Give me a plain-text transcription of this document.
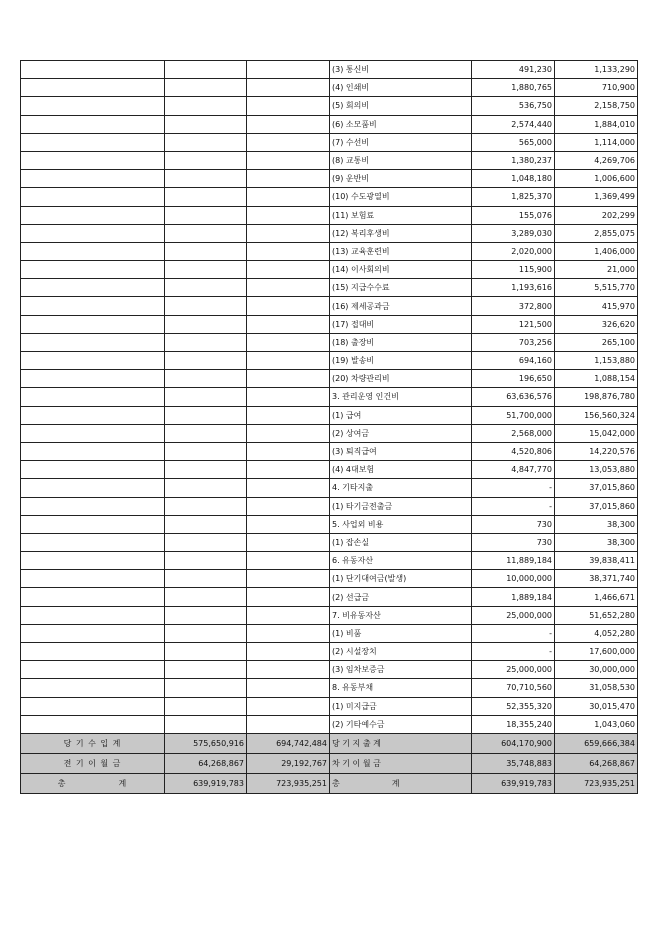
			(3) 통신비	491,230	1,133,290
			(4) 인쇄비	1,880,765	710,900
			(5) 회의비	536,750	2,158,750
			(6) 소모품비	2,574,440	1,884,010
			(7) 수선비	565,000	1,114,000
			(8) 교통비	1,380,237	4,269,706
			(9) 운반비	1,048,180	1,006,600
			(10) 수도광열비	1,825,370	1,369,499
			(11) 보험료	155,076	202,299
			(12) 복리후생비	3,289,030	2,855,075
			(13) 교육훈련비	2,020,000	1,406,000
			(14) 이사회의비	115,900	21,000
			(15) 지급수수료	1,193,616	5,515,770
			(16) 제세공과금	372,800	415,970
			(17) 접대비	121,500	326,620
			(18) 출장비	703,256	265,100
			(19) 발송비	694,160	1,153,880
			(20) 차량관리비	196,650	1,088,154
			3. 관리운영 인건비	63,636,576	198,876,780
			(1) 급여	51,700,000	156,560,324
			(2) 상여금	2,568,000	15,042,000
			(3) 퇴직급여	4,520,806	14,220,576
			(4) 4대보험	4,847,770	13,053,880
			4. 기타지출	-	37,015,860
			(1) 타기금전출금	-	37,015,860
			5. 사업외 비용	730	38,300
			(1) 잡손실	730	38,300
			6. 유동자산	11,889,184	39,838,411
			(1) 단기대여금(발생)	10,000,000	38,371,740
			(2) 선급금	1,889,184	1,466,671
			7. 비유동자산	25,000,000	51,652,280
			(1) 비품	-	4,052,280
			(2) 시설장치	-	17,600,000
			(3) 임차보증금	25,000,000	30,000,000
			8. 유동부채	70,710,560	31,058,530
			(1) 미지급금	52,355,320	30,015,470
			(2) 기타예수금	18,355,240	1,043,060
당 기 수 입 계	575,650,916	694,742,484	당 기 지 출 계	604,170,900	659,666,384
전 기 이 월 금	64,268,867	29,192,767	차 기 이 월 금	35,748,883	64,268,867
총 계	639,919,783	723,935,251	총 계	639,919,783	723,935,251
